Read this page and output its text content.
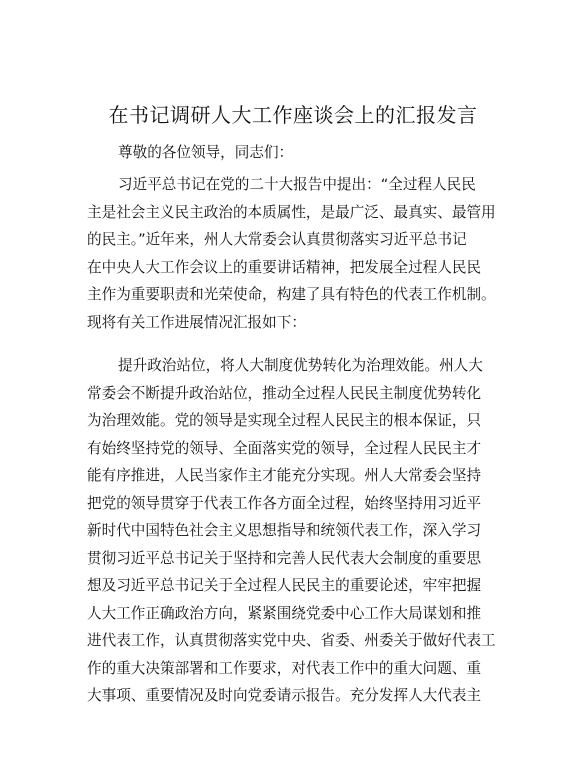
在书记调研人大工作座谈会上的汇报发言
尊敬的各位领导，同志们：
习近平总书记在党的二十大报告中提出：“全过程人民民
主是社会主义民主政治的本质属性，是最广泛、最真实、最管用
的民主。”近年来，州人大常委会认真贯彻落实习近平总书记
在中央人大工作会议上的重要讲话精神，把发展全过程人民民
主作为重要职责和光荣使命，构建了具有特色的代表工作机制。
现将有关工作进展情况汇报如下：
提升政治站位，将人大制度优势转化为治理效能。州人大
常委会不断提升政治站位，推动全过程人民民主制度优势转化
为治理效能。党的领导是实现全过程人民民主的根本保证，只
有始终坚持党的领导、全面落实党的领导，全过程人民民主才
能有序推进，人民当家作主才能充分实现。州人大常委会坚持
把党的领导贯穿于代表工作各方面全过程，始终坚持用习近平
新时代中国特色社会主义思想指导和统领代表工作，深入学习
贯彻习近平总书记关于坚持和完善人民代表大会制度的重要思
想及习近平总书记关于全过程人民民主的重要论述，牢牢把握
人大工作正确政治方向，紧紧围绕党委中心工作大局谋划和推
进代表工作，认真贯彻落实党中央、省委、州委关于做好代表工
作的重大决策部署和工作要求，对代表工作中的重大问题、重
大事项、重要情况及时向党委请示报告。充分发挥人大代表主
